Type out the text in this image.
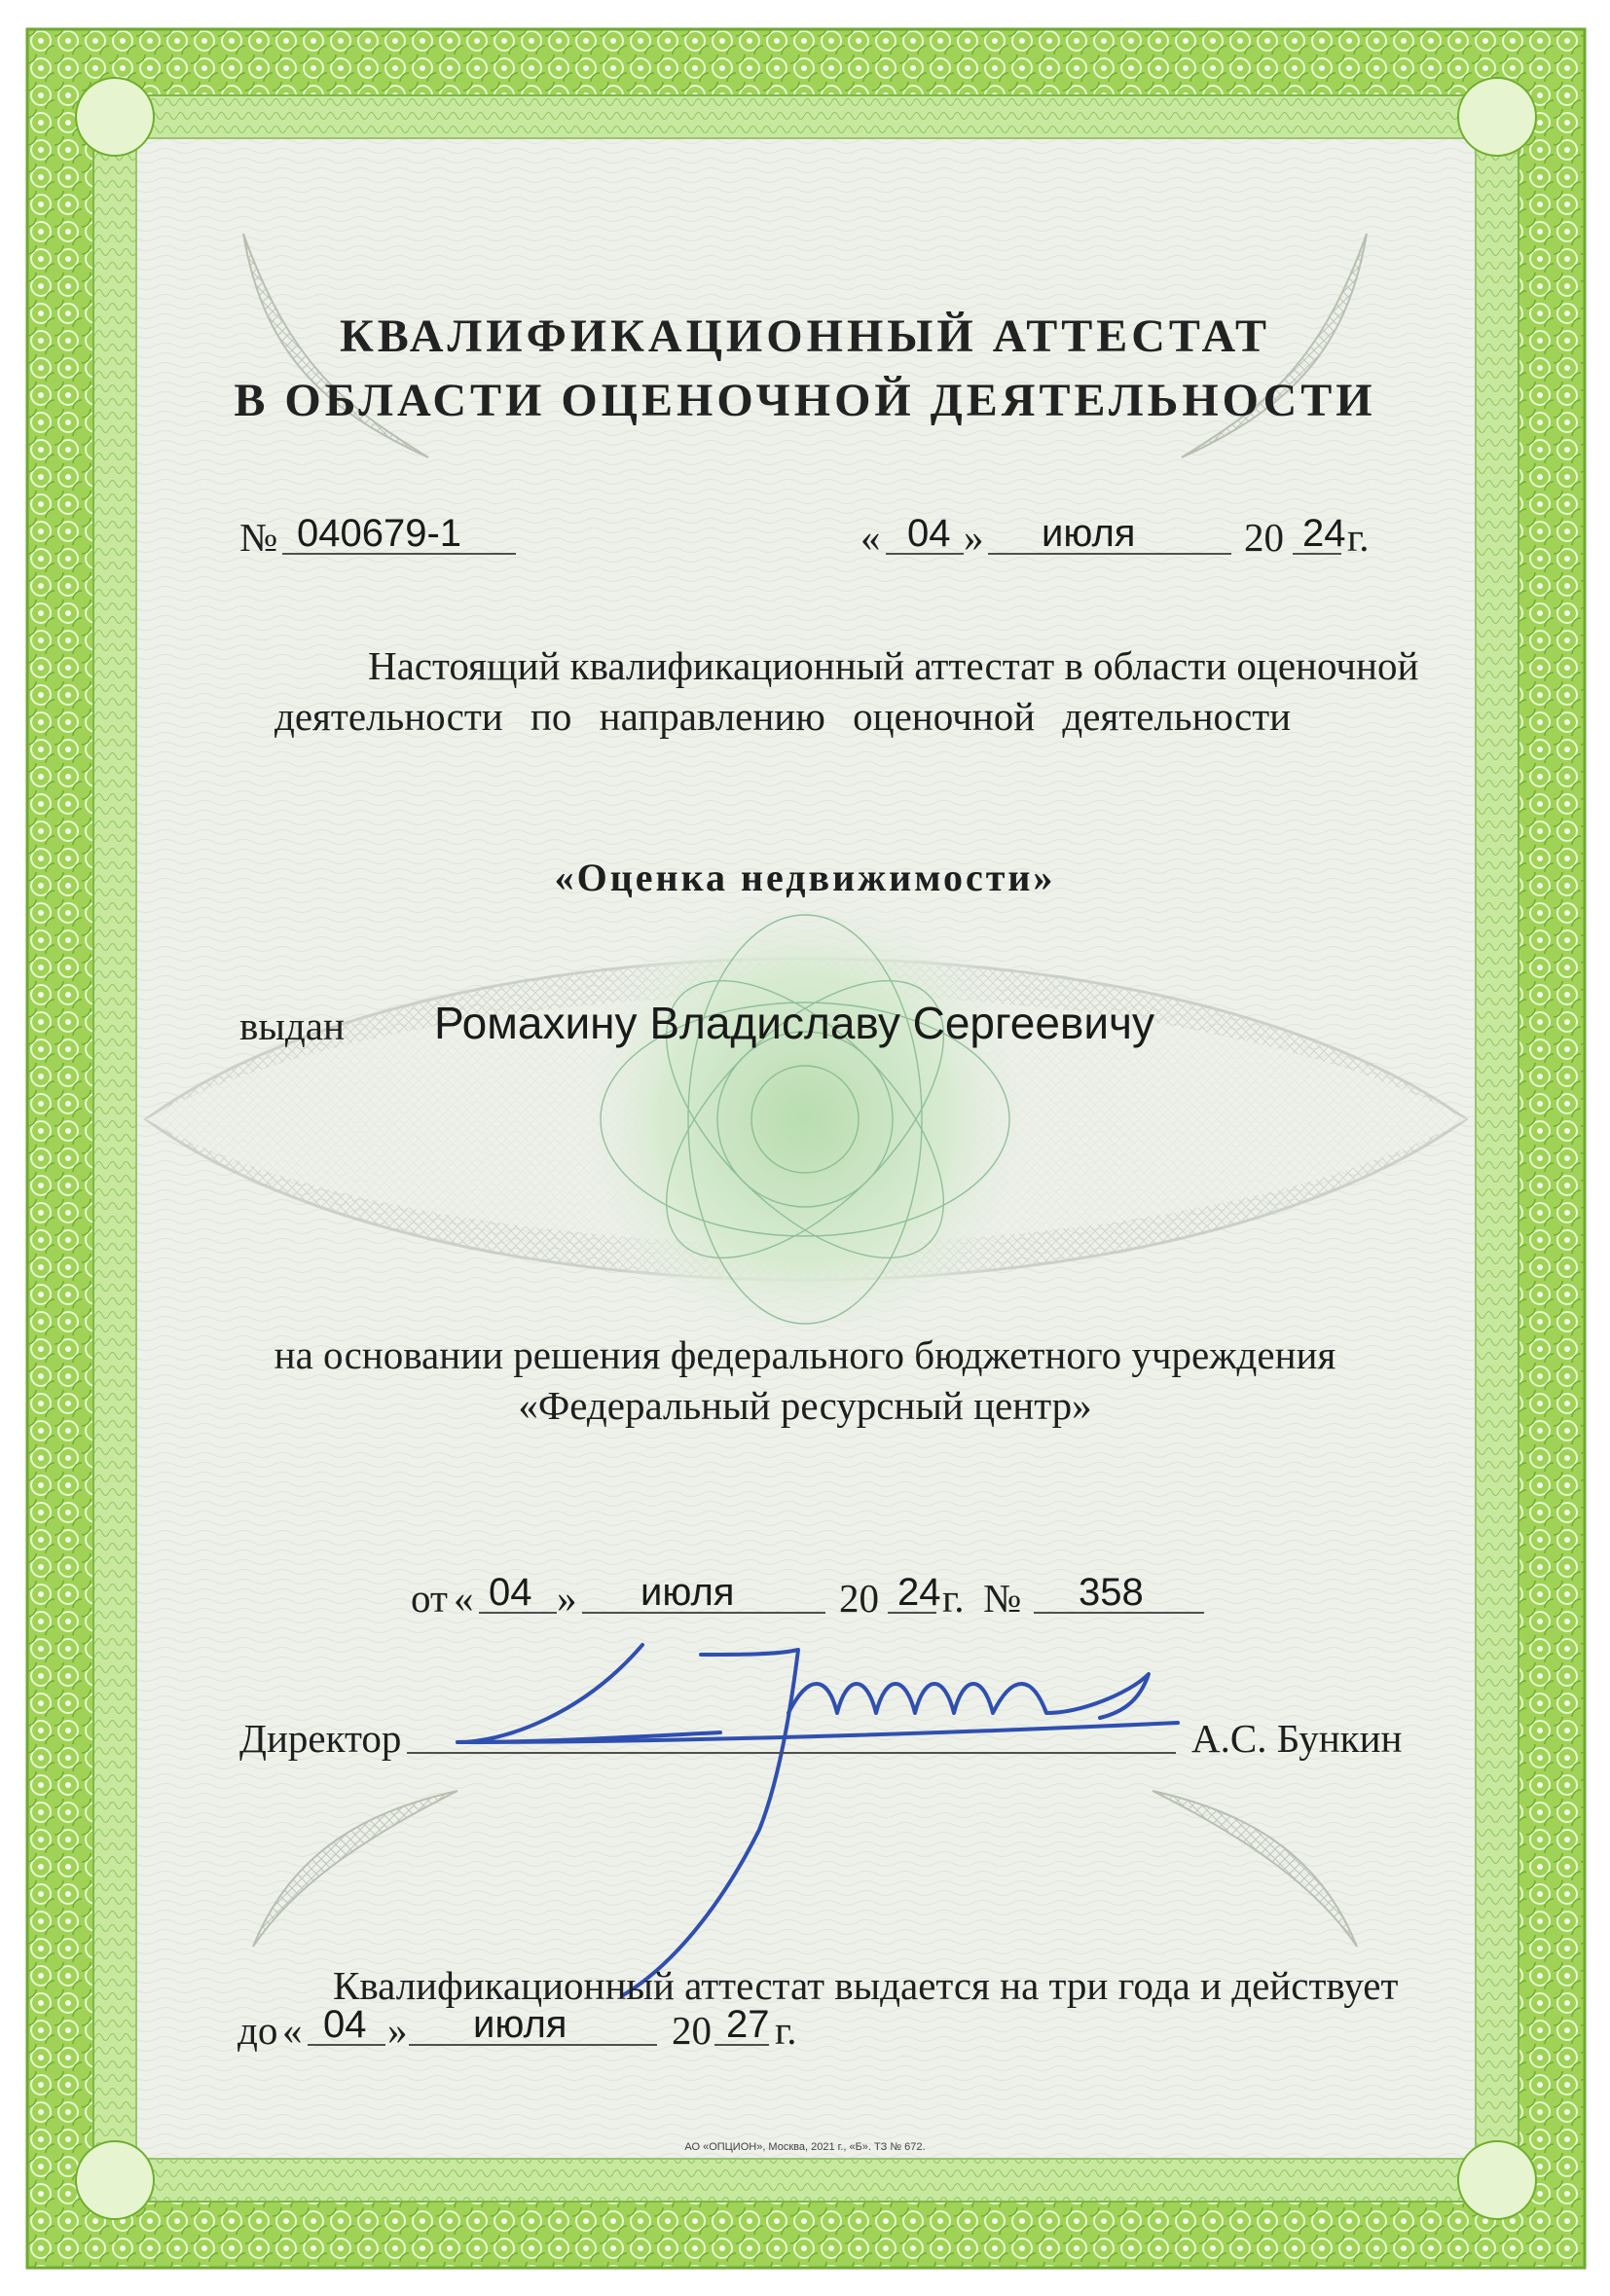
КВАЛИФИКАЦИОННЫЙ АТТЕСТАТ
В ОБЛАСТИ ОЦЕНОЧНОЙ ДЕЯТЕЛЬНОСТИ
№ 040679-1	« 04 » июля	20 24 г.
Настоящий квалификационный аттестат в области оценочной
деятельности по направлению оценочной деятельности
«Оценка недвижимости»
выдан Ромахину Владиславу Сергеевичу
на основании решения федерального бюджетного учреждения
«Федеральный ресурсный центр»
от « 04 » июля	20 24 г. № 358
Директор	А.С. Бункин
Квалификационный аттестат выдается на три года и действует
до « 04 » июля	20 27 г.
АО «ОПЦИОН», Москва, 2021 г., «Б». ТЗ № 672.
